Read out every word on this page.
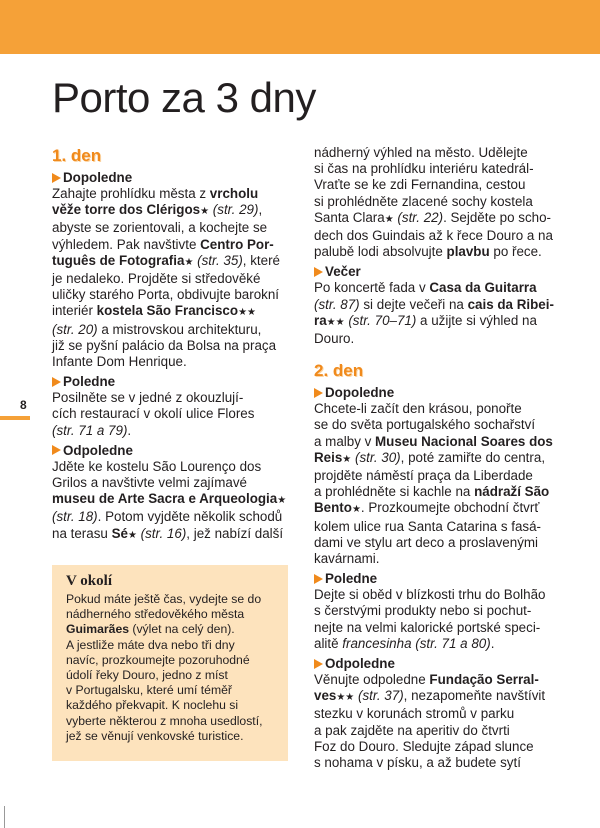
Porto za 3 dny
8
1. den
Dopoledne

Zahajte prohlídku města z vrcholu
věže torre dos Clérigos★ (str. 29),
abyste se zorientovali, a kochejte se
výhledem. Pak navštivte Centro Por-
tuguês de Fotografia★ (str. 35), které
je nedaleko. Projděte si středověké
uličky starého Porta, obdivujte barokní
interiér kostela São Francisco★★
(str. 20) a mistrovskou architekturu,
již se pyšní palácio da Bolsa na praça
Infante Dom Henrique.

Poledne

Posilněte se v jedné z okouzlují-
cích restaurací v okolí ulice Flores
(str. 71 a 79).

Odpoledne

Jděte ke kostelu São Lourenço dos
Grilos a navštivte velmi zajímavé
museu de Arte Sacra e Arqueologia★
(str. 18). Potom vyjděte několik schodů
na terasu Sé★ (str. 16), jež nabízí další

V okolí

Pokud máte ještě čas, vydejte se do
nádherného středověkého města
Guimarães (výlet na celý den).
A jestliže máte dva nebo tři dny
navíc, prozkoumejte pozoruhodné
údolí řeky Douro, jedno z míst
v Portugalsku, které umí téměř
každého překvapit. K noclehu si
vyberte některou z mnoha usedlostí,
jež se věnují venkovské turistice.

nádherný výhled na město. Udělejte
si čas na prohlídku interiéru katedrál-
Vraťte se ke zdi Fernandina, cestou
si prohlédněte zlacené sochy kostela
Santa Clara★ (str. 22). Sejděte po scho-
dech dos Guindais až k řece Douro a na
palubě lodi absolvujte plavbu po řece.

Večer

Po koncertě fada v Casa da Guitarra
(str. 87) si dejte večeři na cais da Ribei-
ra★★ (str. 70–71) a užijte si výhled na
Douro.

2. den
Dopoledne

Chcete-li začít den krásou, ponořte
se do světa portugalského sochařství
a malby v Museu Nacional Soares dos
Reis★ (str. 30), poté zamiřte do centra,
projděte náměstí praça da Liberdade
a prohlédněte si kachle na nádraží São
Bento★. Prozkoumejte obchodní čtvrť
kolem ulice rua Santa Catarina s fasá-
dami ve stylu art deco a proslavenými
kavárnami.

Poledne

Dejte si oběd v blízkosti trhu do Bolhão
s čerstvými produkty nebo si pochut-
nejte na velmi kalorické portské speci-
alitě francesinha (str. 71 a 80).

Odpoledne

Věnujte odpoledne Fundação Serral-
ves★★ (str. 37), nezapomeňte navštívit
stezku v korunách stromů v parku
a pak zajděte na aperitiv do čtvrti
Foz do Douro. Sledujte západ slunce
s nohama v písku, a až budete sytí
